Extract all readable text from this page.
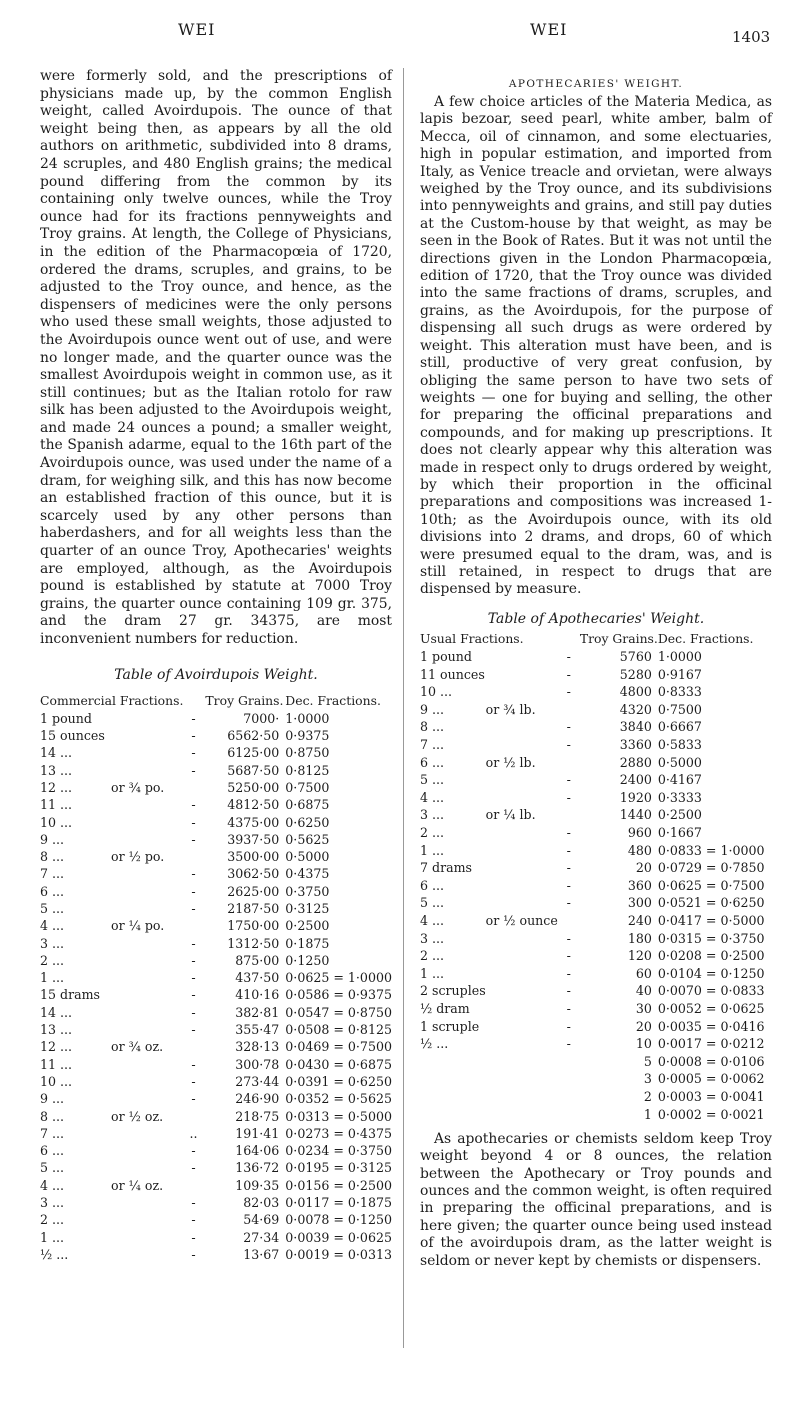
WEI	WEI	1403

were formerly sold, and the prescriptions of physicians made up, by the common English weight, called Avoirdupois. The ounce of that weight being then, as appears by all the old authors on arithmetic, subdivided into 8 drams, 24 scruples, and 480 English grains; the medical pound differing from the common by its containing only twelve ounces, while the Troy ounce had for its fractions pennyweights and Troy grains. At length, the College of Physicians, in the edition of the Pharmacopœia of 1720, ordered the drams, scruples, and grains, to be adjusted to the Troy ounce, and hence, as the dispensers of medicines were the only persons who used these small weights, those adjusted to the Avoirdupois ounce went out of use, and were no longer made, and the quarter ounce was the smallest Avoirdupois weight in common use, as it still continues; but as the Italian rotolo for raw silk has been adjusted to the Avoirdupois weight, and made 24 ounces a pound; a smaller weight, the Spanish adarme, equal to the 16th part of the Avoirdupois ounce, was used under the name of a dram, for weighing silk, and this has now become an established fraction of this ounce, but it is scarcely used by any other persons than haberdashers, and for all weights less than the quarter of an ounce Troy, Apothecaries' weights are employed, although, as the Avoirdupois pound is established by statute at 7000 Troy grains, the quarter ounce containing 109 gr. 375, and the dram 27 gr. 34375, are most inconvenient numbers for reduction.

Table of Avoirdupois Weight.
Commercial Fractions.			Troy Grains.	Dec. Fractions.
1 pound		-	7000·	1·0000
15 ounces		-	6562·50	0·9375
14 ...		-	6125·00	0·8750
13 ...		-	5687·50	0·8125
12 ...	or ¾ po.		5250·00	0·7500
11 ...		-	4812·50	0·6875
10 ...		-	4375·00	0·6250
9 ...		-	3937·50	0·5625
8 ...	or ½ po.		3500·00	0·5000
7 ...		-	3062·50	0·4375
6 ...		-	2625·00	0·3750
5 ...		-	2187·50	0·3125
4 ...	or ¼ po.		1750·00	0·2500
3 ...		-	1312·50	0·1875
2 ...		-	875·00	0·1250
1 ...		-	437·50	0·0625 = 1·0000
15 drams		-	410·16	0·0586 = 0·9375
14 ...		-	382·81	0·0547 = 0·8750
13 ...		-	355·47	0·0508 = 0·8125
12 ...	or ¾ oz.		328·13	0·0469 = 0·7500
11 ...		-	300·78	0·0430 = 0·6875
10 ...		-	273·44	0·0391 = 0·6250
9 ...		-	246·90	0·0352 = 0·5625
8 ...	or ½ oz.		218·75	0·0313 = 0·5000
7 ...		..	191·41	0·0273 = 0·4375
6 ...		-	164·06	0·0234 = 0·3750
5 ...		-	136·72	0·0195 = 0·3125
4 ...	or ¼ oz.		109·35	0·0156 = 0·2500
3 ...		-	82·03	0·0117 = 0·1875
2 ...		-	54·69	0·0078 = 0·1250
1 ...		-	27·34	0·0039 = 0·0625
½ ...		-	13·67	0·0019 = 0·0313
APOTHECARIES' WEIGHT.

A few choice articles of the Materia Medica, as lapis bezoar, seed pearl, white amber, balm of Mecca, oil of cinnamon, and some electuaries, high in popular estimation, and imported from Italy, as Venice treacle and orvietan, were always weighed by the Troy ounce, and its subdivisions into pennyweights and grains, and still pay duties at the Custom-house by that weight, as may be seen in the Book of Rates. But it was not until the directions given in the London Pharmacopœia, edition of 1720, that the Troy ounce was divided into the same fractions of drams, scruples, and grains, as the Avoirdupois, for the purpose of dispensing all such drugs as were ordered by weight. This alteration must have been, and is still, productive of very great confusion, by obliging the same person to have two sets of weights — one for buying and selling, the other for preparing the officinal preparations and compounds, and for making up prescriptions. It does not clearly appear why this alteration was made in respect only to drugs ordered by weight, by which their proportion in the officinal preparations and compositions was increased 1-10th; as the Avoirdupois ounce, with its old divisions into 2 drams, and drops, 60 of which were presumed equal to the dram, was, and is still retained, in respect to drugs that are dispensed by measure.

Table of Apothecaries' Weight.
Usual Fractions.			Troy Grains.	Dec. Fractions.
1 pound		-	5760	1·0000
11 ounces		-	5280	0·9167
10 ...		-	4800	0·8333
9 ...	or ¾ lb.		4320	0·7500
8 ...		-	3840	0·6667
7 ...		-	3360	0·5833
6 ...	or ½ lb.		2880	0·5000
5 ...		-	2400	0·4167
4 ...		-	1920	0·3333
3 ...	or ¼ lb.		1440	0·2500
2 ...		-	960	0·1667
1 ...		-	480	0·0833 = 1·0000
7 drams		-	20	0·0729 = 0·7850
6 ...		-	360	0·0625 = 0·7500
5 ...		-	300	0·0521 = 0·6250
4 ...	or ½ ounce		240	0·0417 = 0·5000
3 ...		-	180	0·0315 = 0·3750
2 ...		-	120	0·0208 = 0·2500
1 ...		-	60	0·0104 = 0·1250
2 scruples		-	40	0·0070 = 0·0833
½ dram		-	30	0·0052 = 0·0625
1 scruple		-	20	0·0035 = 0·0416
½ ...		-	10	0·0017 = 0·0212
			5	0·0008 = 0·0106
			3	0·0005 = 0·0062
			2	0·0003 = 0·0041
			1	0·0002 = 0·0021

As apothecaries or chemists seldom keep Troy weight beyond 4 or 8 ounces, the relation between the Apothecary or Troy pounds and ounces and the common weight, is often required in preparing the officinal preparations, and is here given; the quarter ounce being used instead of the avoirdupois dram, as the latter weight is seldom or never kept by chemists or dispensers.
